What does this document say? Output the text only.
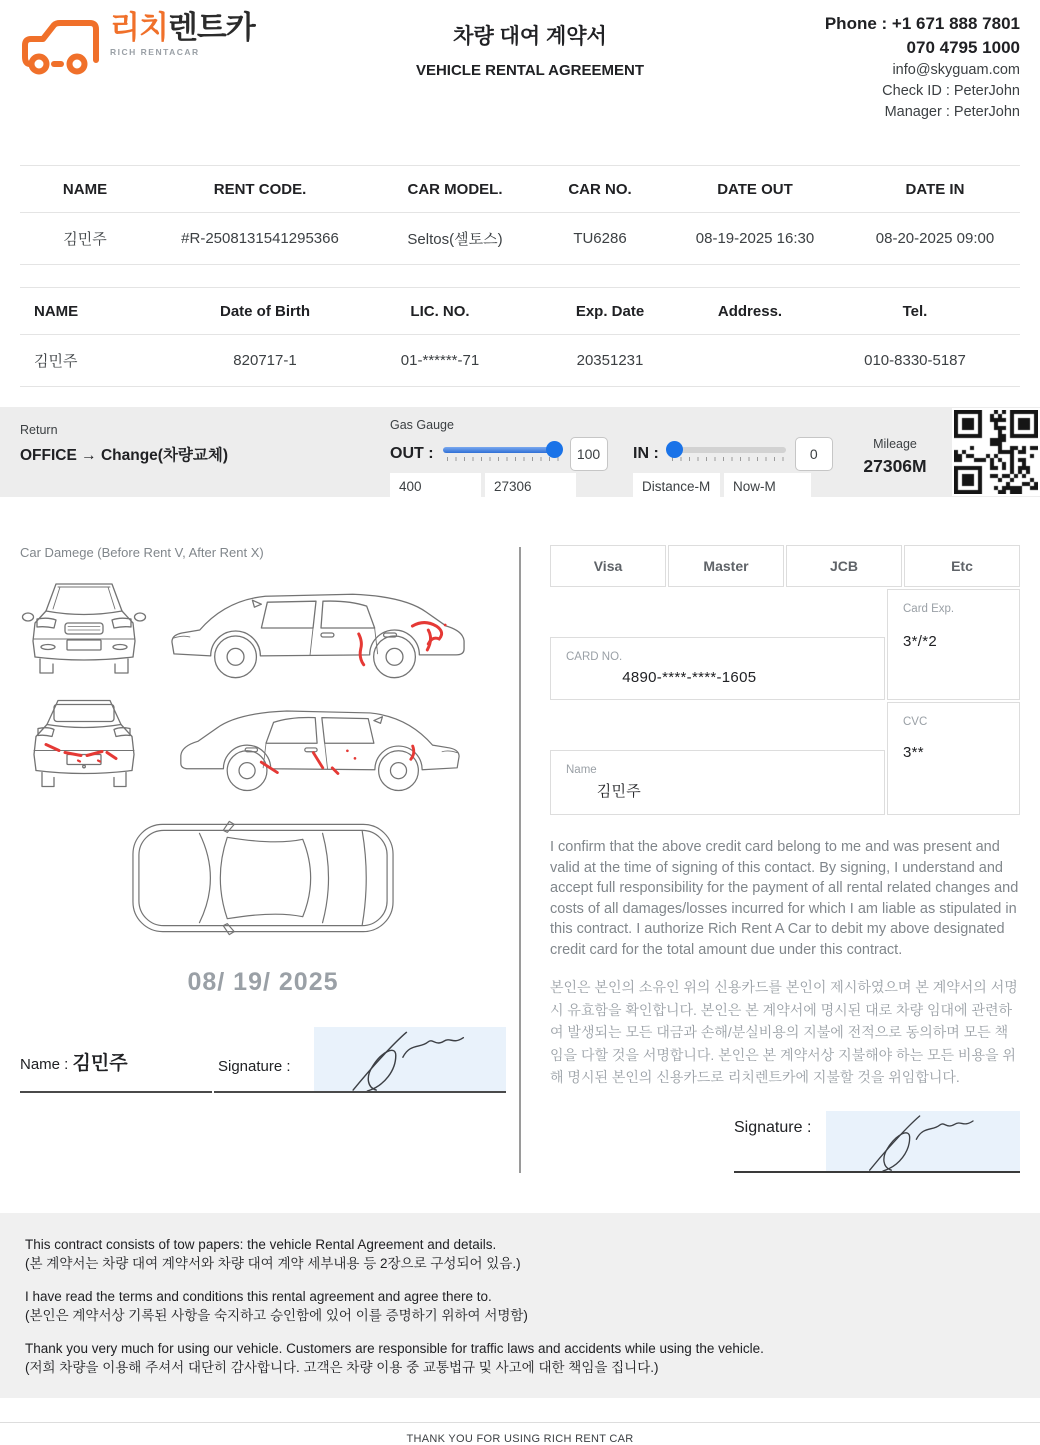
리치렌트카
RICH RENTACAR
차량 대여 계약서
VEHICLE RENTAL AGREEMENT
Phone : +1 671 888 7801
070 4795 1000
info@skyguam.com
Check ID : PeterJohn
Manager : PeterJohn
NAME	RENT CODE.	CAR MODEL.	CAR NO.	DATE OUT	DATE IN
김민주	#R-2508131541295366	Seltos(셀토스)	TU6286	08-19-2025 16:30	08-20-2025 09:00
NAME	Date of Birth	LIC. NO.	Exp. Date	Address.	Tel.
김민주	820717-1	01-******-71	20351231		010-8330-5187
Return
OFFICE → Change(차량교체)
Gas Gauge
OUT :	100
400
27306	IN :	0
Distance-M
Now-M
Mileage
27306M
Car Damege (Before Rent V, After Rent X)
08/ 19/ 2025
Name : 김민주	Signature :
Visa	Master	JCB	Etc
CARD NO.
4890-****-****-1605
Card Exp.
3*/*2
Name
김민주
CVC
3**

I confirm that the above credit card belong to me and was present and valid at the time of signing of this contact. By signing, I understand and accept full responsibility for the payment of all rental related changes and costs of all damages/losses incurred for which I am liable as stipulated in this contract. I authorize Rich Rent A Car to debit my above designated credit card for the total amount due under this contract.

본인은 본인의 소유인 위의 신용카드를 본인이 제시하였으며 본 계약서의 서명시 유효함을 확인합니다. 본인은 본 계약서에 명시된 대로 차량 임대에 관련하여 발생되는 모든 대금과 손해/분실비용의 지불에 전적으로 동의하며 모든 책임을 다할 것을 서명합니다. 본인은 본 계약서상 지불해야 하는 모든 비용을 위해 명시된 본인의 신용카드로 리치렌트카에 지불할 것을 위임합니다.

Signature :
This contract consists of tow papers: the vehicle Rental Agreement and details.
(본 계약서는 차량 대여 계약서와 차량 대여 계약 세부내용 등 2장으로 구성되어 있음.)
I have read the terms and conditions this rental agreement and agree there to.
(본인은 계약서상 기록된 사항을 숙지하고 승인함에 있어 이를 증명하기 위하여 서명함)
Thank you very much for using our vehicle. Customers are responsible for traffic laws and accidents while using the vehicle.
(저희 차량을 이용해 주셔서 대단히 감사합니다. 고객은 차량 이용 중 교통법규 및 사고에 대한 책임을 집니다.)
THANK YOU FOR USING RICH RENT CAR
